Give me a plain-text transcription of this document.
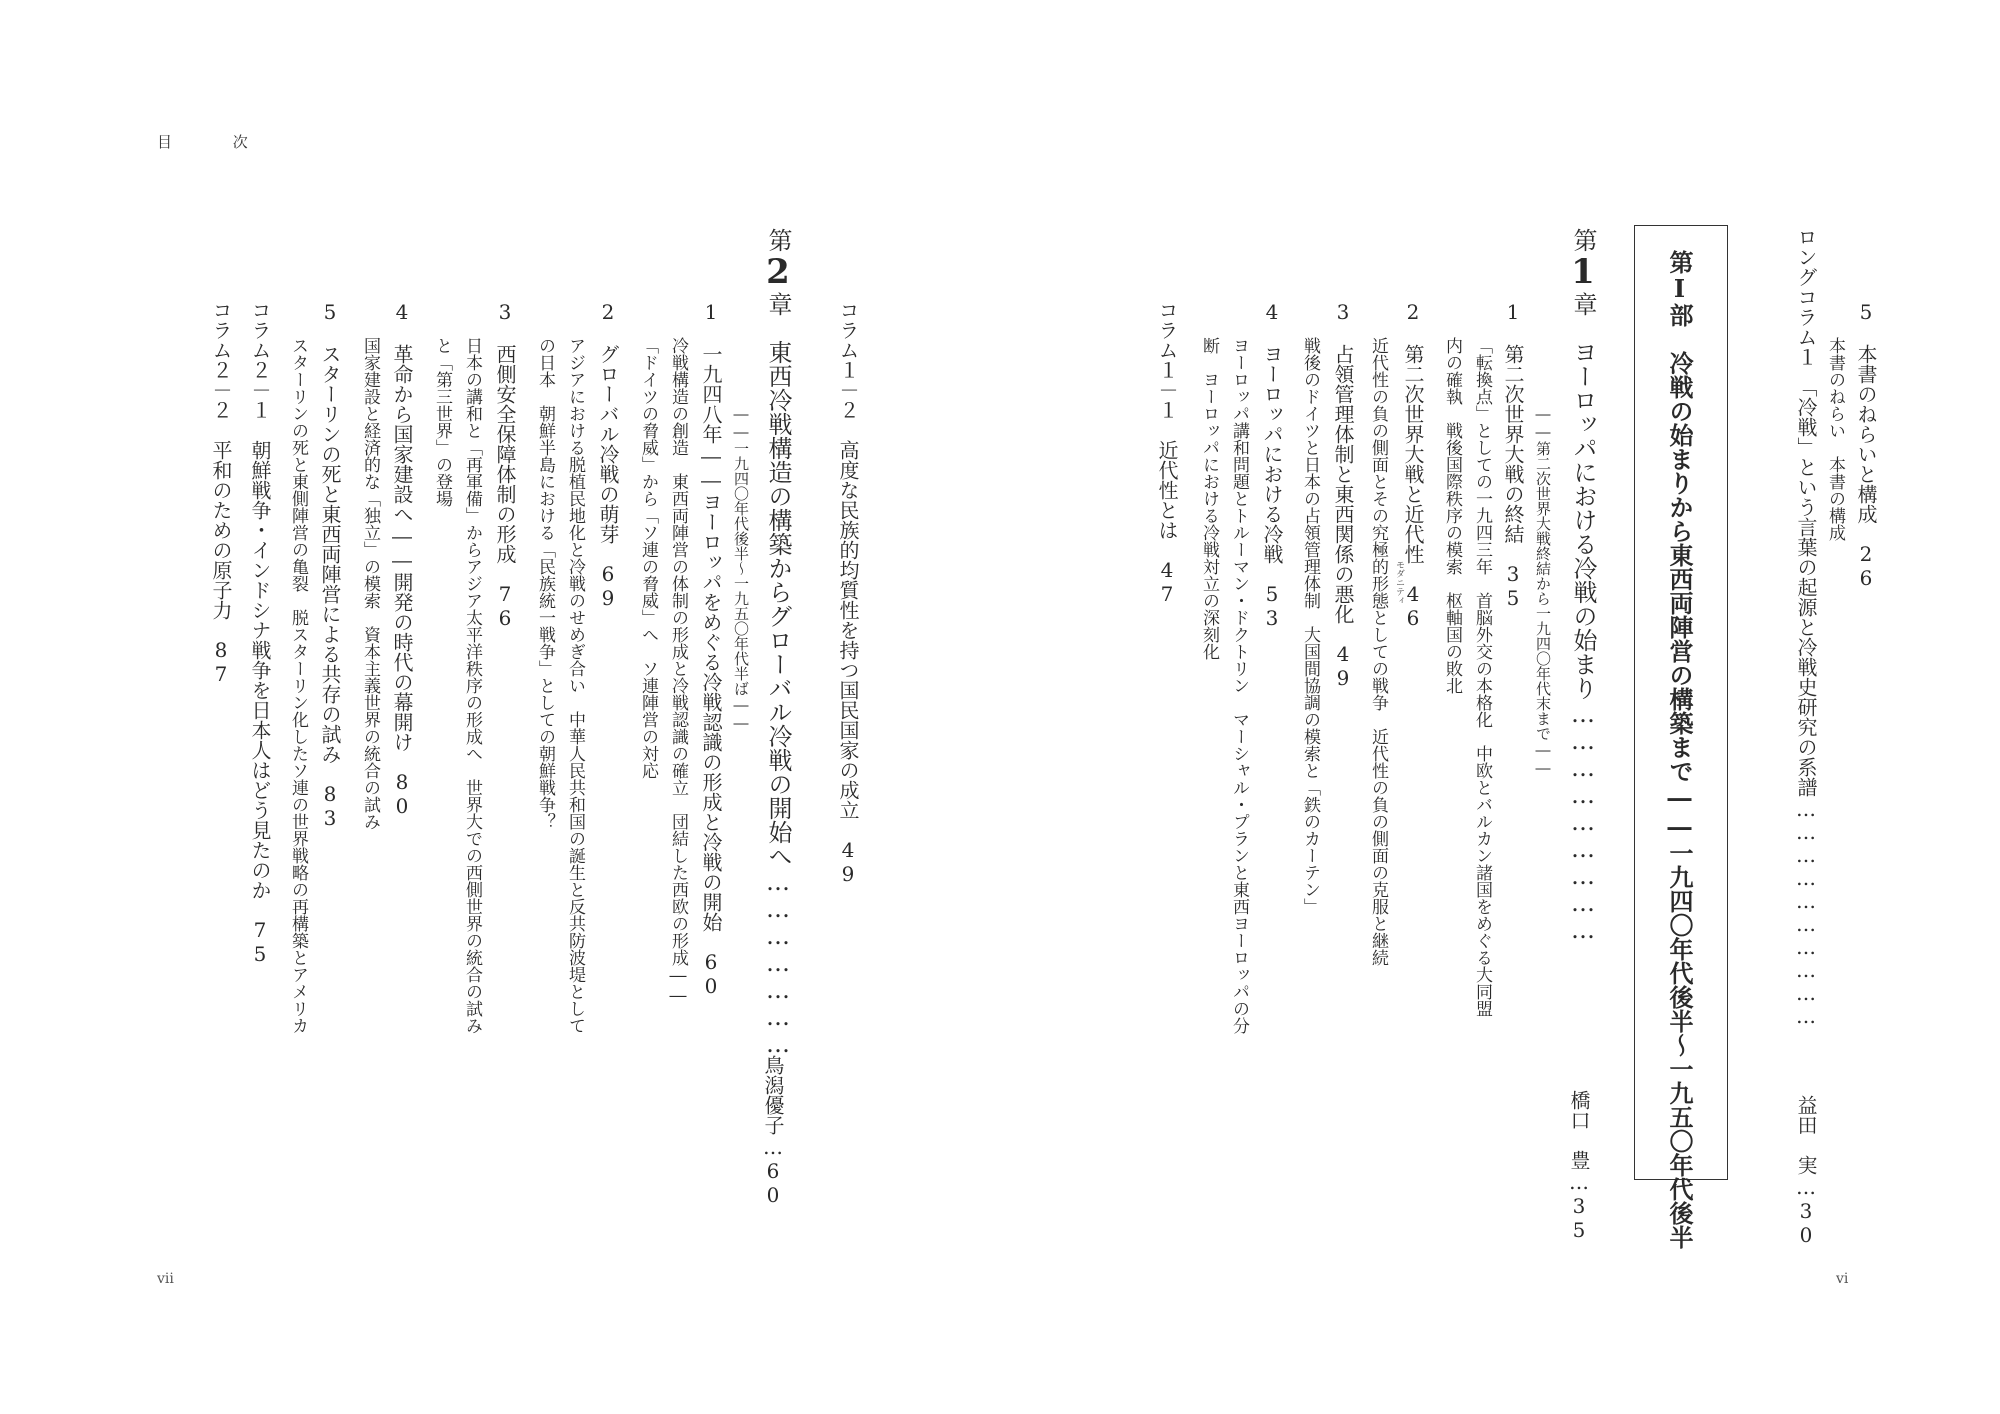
目 次
vii	vi
5　本書のねらいと構成26
本書のねらい　本書の構成
ロングコラム１　「冷戦」という言葉の起源と冷戦史研究の系譜…………………………
益田　実…30
第Ⅰ部　冷戦の始まりから東西両陣営の構築まで――一九四〇年代後半～一九五〇年代後半
第1章　ヨーロッパにおける冷戦の始まり………………………
橋口　豊…35
――第二次世界大戦終結から一九四〇年代末まで――
1　第二次世界大戦の終結35
「転換点」としての一九四三年　首脳外交の本格化　中欧とバルカン諸国をめぐる大同盟
内の確執　戦後国際秩序の模索　枢軸国の敗北
2　第二次世界大戦と近代性46
モダニティ
近代性の負の側面とその究極的形態としての戦争　近代性の負の側面の克服と継続
3　占領管理体制と東西関係の悪化49
戦後のドイツと日本の占領管理体制　大国間協調の模索と「鉄のカーテン」
4　ヨーロッパにおける冷戦53
ヨーロッパ講和問題とトルーマン・ドクトリン　マーシャル・プランと東西ヨーロッパの分
断　ヨーロッパにおける冷戦対立の深刻化
コラム１－１　近代性とは47
コラム１－２　高度な民族的均質性を持つ国民国家の成立49
第2章　東西冷戦構造の構築からグローバル冷戦の開始へ…………………
鳥潟優子…60
――一九四〇年代後半～一九五〇年代半ば――
1　一九四八年――ヨーロッパをめぐる冷戦認識の形成と冷戦の開始60
冷戦構造の創造　東西両陣営の体制の形成と冷戦認識の確立　団結した西欧の形成――
「ドイツの脅威」から「ソ連の脅威」へ　ソ連陣営の対応
2　グローバル冷戦の萌芽69
アジアにおける脱植民地化と冷戦のせめぎ合い　中華人民共和国の誕生と反共防波堤として
の日本　朝鮮半島における「民族統一戦争」としての朝鮮戦争？
3　西側安全保障体制の形成76
日本の講和と「再軍備」からアジア太平洋秩序の形成へ　世界大での西側世界の統合の試み
と「第三世界」の登場
4　革命から国家建設へ――開発の時代の幕開け80
国家建設と経済的な「独立」の模索　資本主義世界の統合の試み
5　スターリンの死と東西両陣営による共存の試み83
スターリンの死と東側陣営の亀裂　脱スターリン化したソ連の世界戦略の再構築とアメリカ
コラム２－１　朝鮮戦争・インドシナ戦争を日本人はどう見たのか75
コラム２－２　平和のための原子力87
